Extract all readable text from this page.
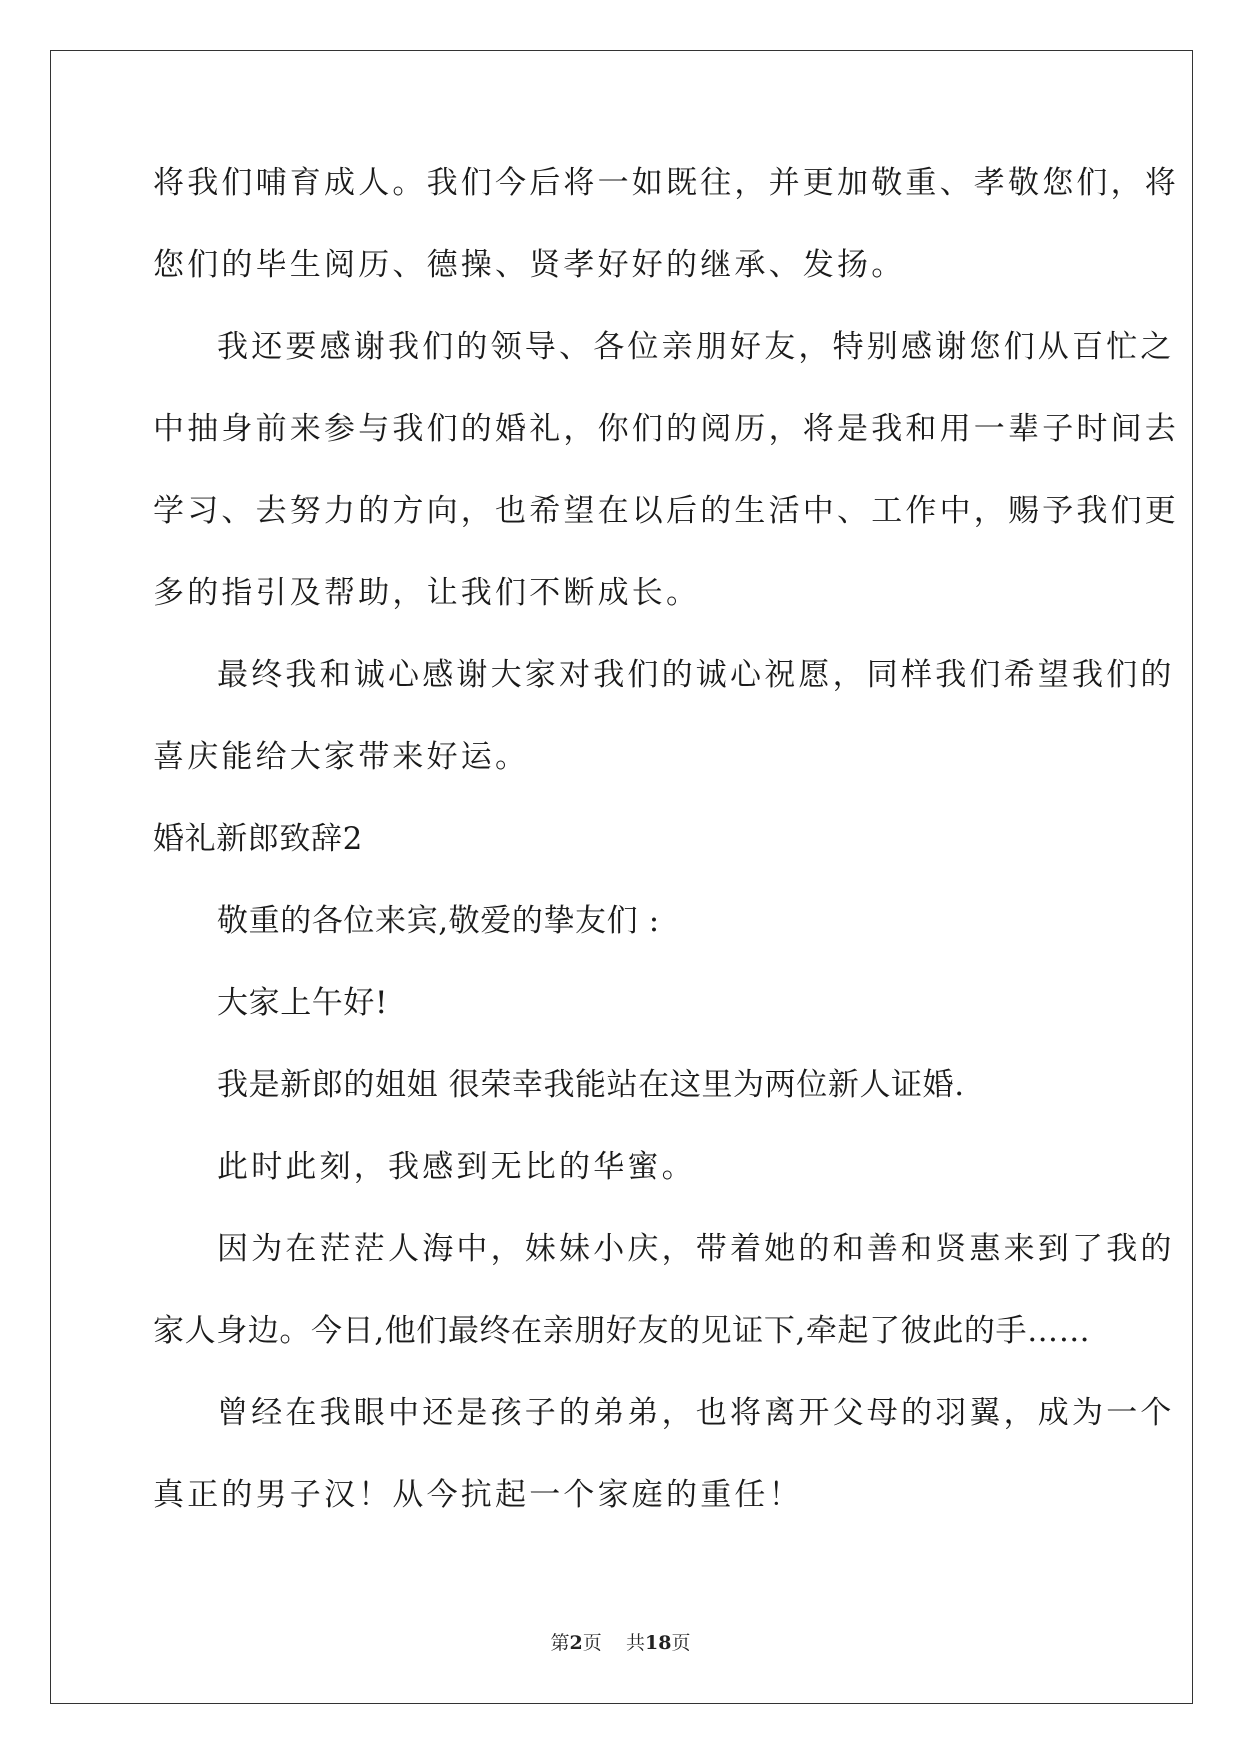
将我们哺育成人。我们今后将一如既往，并更加敬重、孝敬您们，将

您们的毕生阅历、德操、贤孝好好的继承、发扬。

我还要感谢我们的领导、各位亲朋好友，特别感谢您们从百忙之

中抽身前来参与我们的婚礼，你们的阅历，将是我和用一辈子时间去

学习、去努力的方向，也希望在以后的生活中、工作中，赐予我们更

多的指引及帮助，让我们不断成长。

最终我和诚心感谢大家对我们的诚心祝愿，同样我们希望我们的

喜庆能给大家带来好运。

婚礼新郎致辞2

敬重的各位来宾,敬爱的挚友们 :

大家上午好!

我是新郎的姐姐 很荣幸我能站在这里为两位新人证婚.

此时此刻，我感到无比的华蜜。

因为在茫茫人海中，妹妹小庆，带着她的和善和贤惠来到了我的

家人身边。今日,他们最终在亲朋好友的见证下,牵起了彼此的手……

曾经在我眼中还是孩子的弟弟，也将离开父母的羽翼，成为一个

真正的男子汉！从今抗起一个家庭的重任！

第2页 共18页
